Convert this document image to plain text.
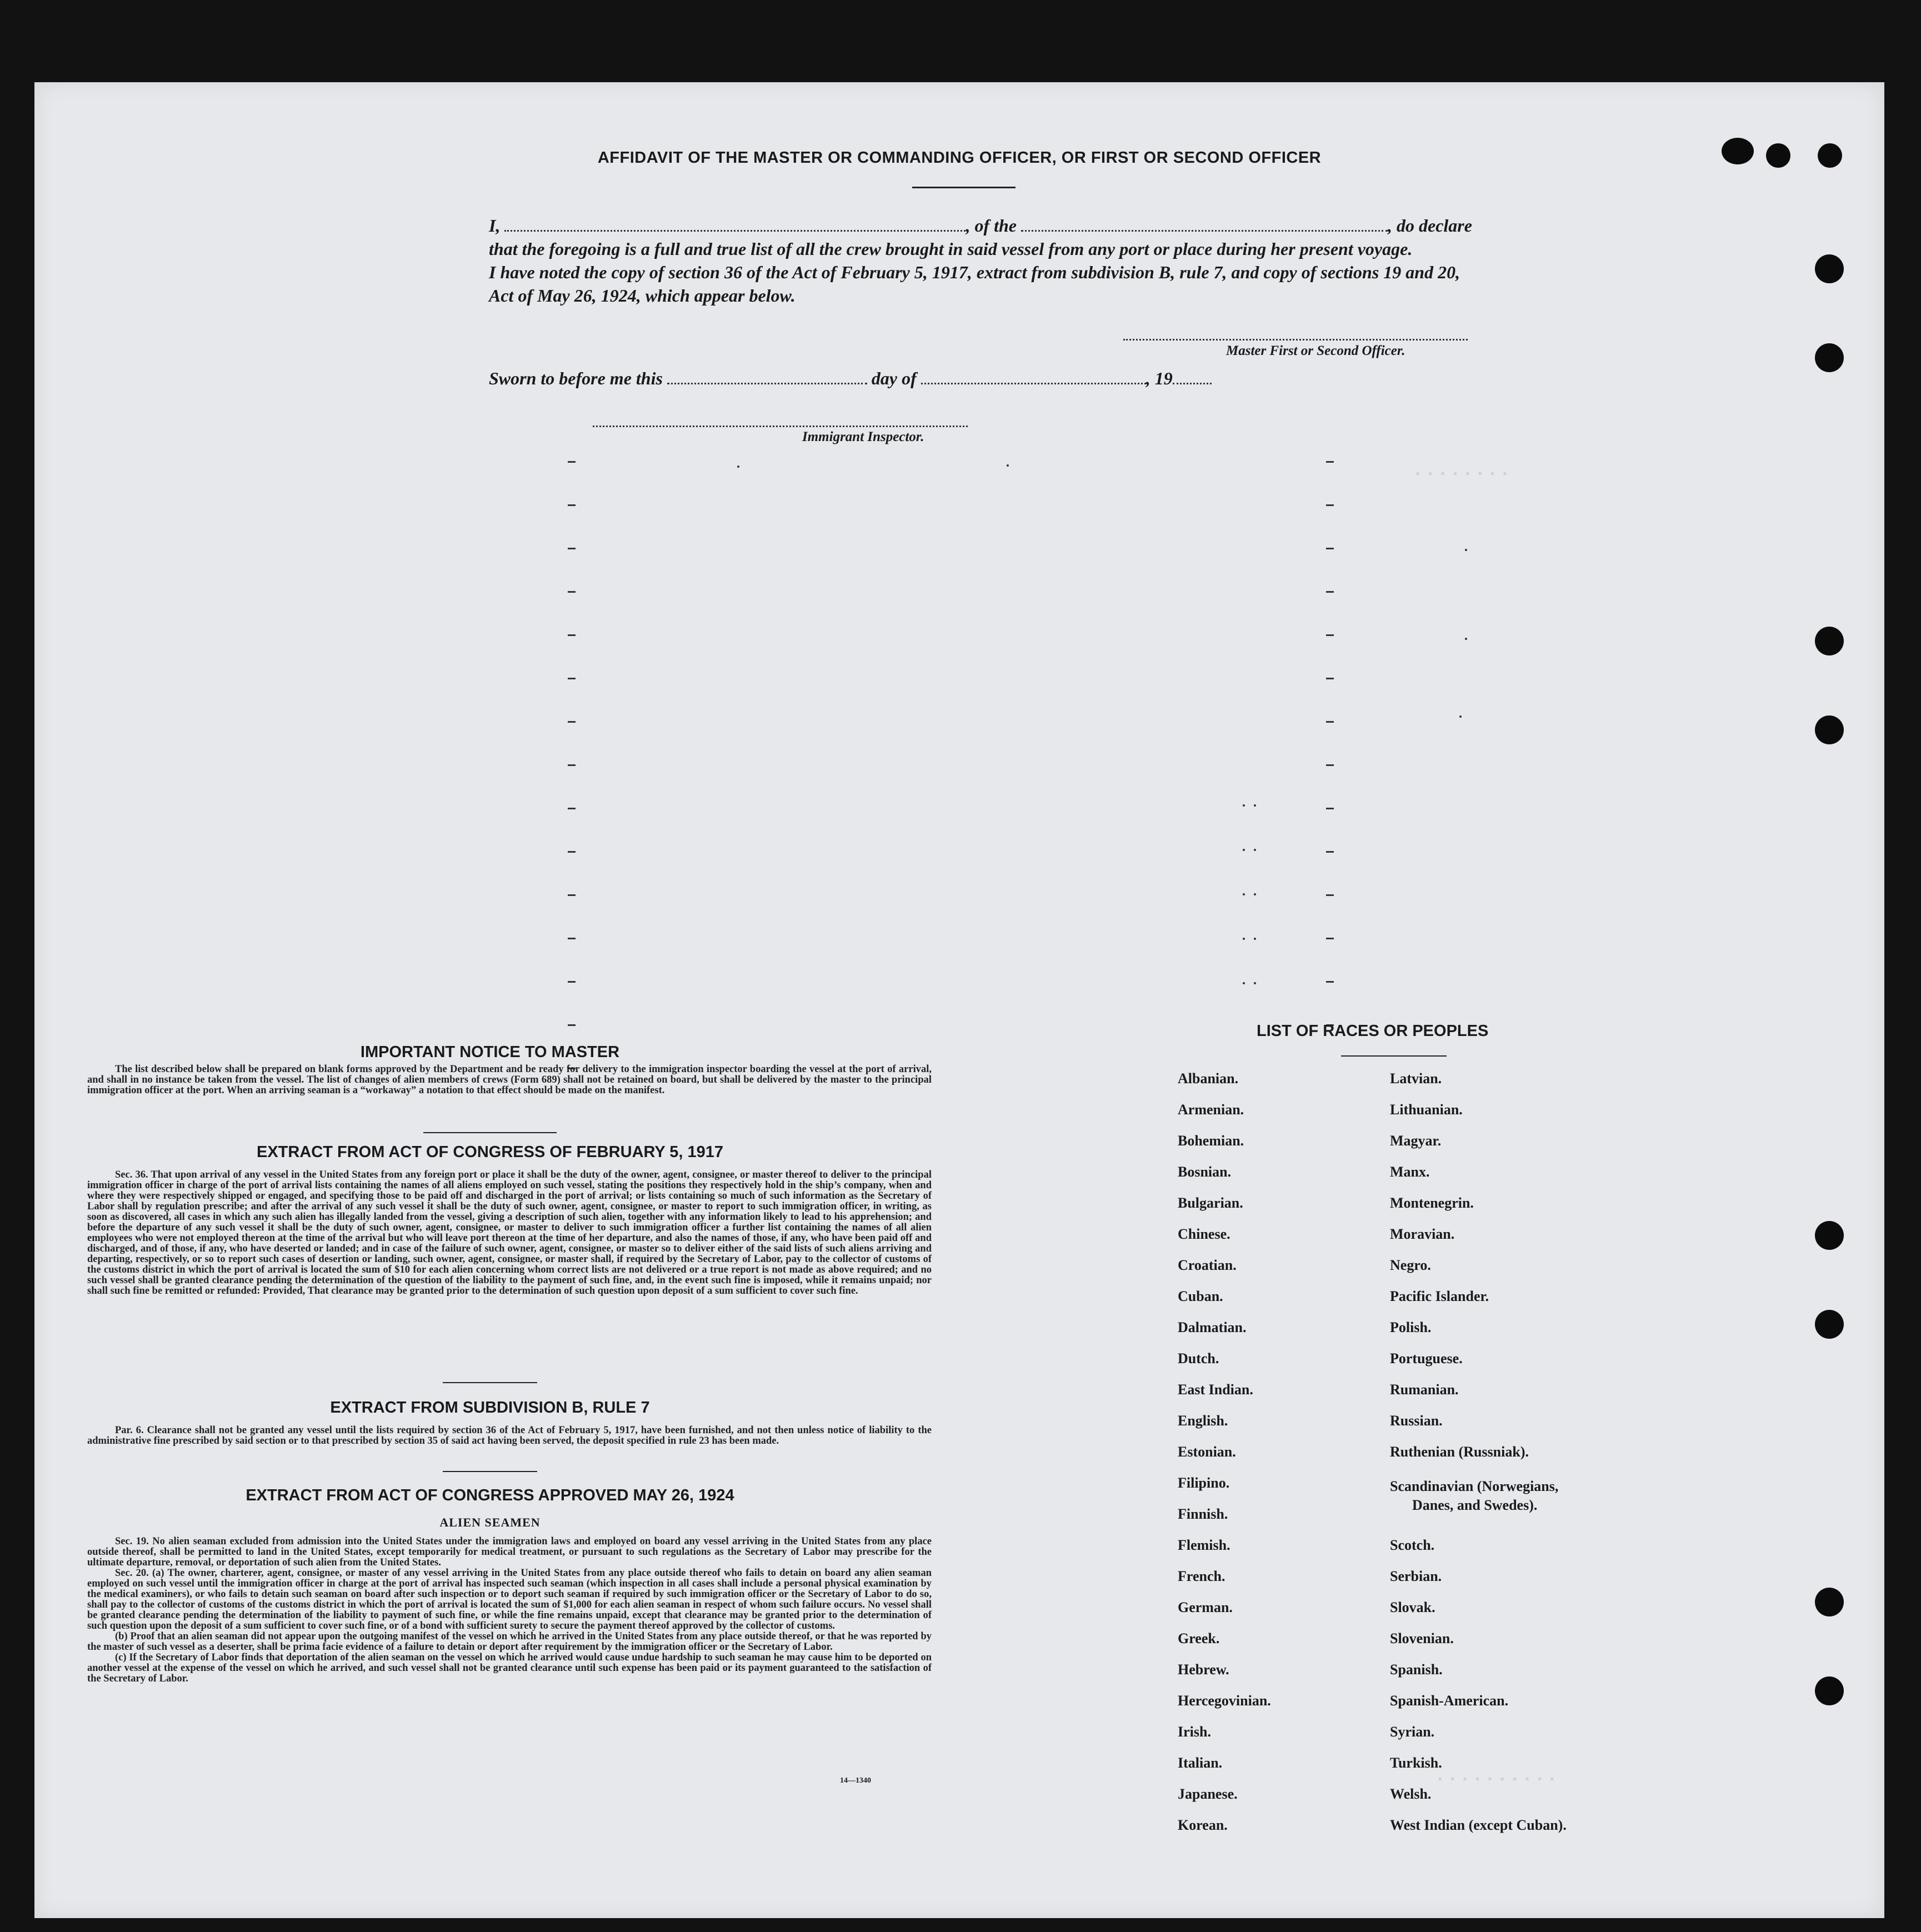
AFFIDAVIT OF THE MASTER OR COMMANDING OFFICER, OR FIRST OR SECOND OFFICER
I,	, of the	, do declare
that the foregoing is a full and true list of all the crew brought in said vessel from any port or place during her present voyage.
I have noted the copy of section 36 of the Act of February 5, 1917, extract from subdivision B, rule 7, and copy of sections 19 and 20,
Act of May 26, 1924, which appear below.
Master First or Second Officer.
Sworn to before me this	day of	, 19
Immigrant Inspector.
........
..........
IMPORTANT NOTICE TO MASTER

The list described below shall be prepared on blank forms approved by the Department and be ready for delivery to the immigration inspector boarding the vessel at the port of arrival, and shall in no instance be taken from the vessel. The list of changes of alien members of crews (Form 689) shall not be retained on board, but shall be delivered by the master to the principal immigration officer at the port. When an arriving seaman is a “workaway” a notation to that effect should be made on the manifest.

EXTRACT FROM ACT OF CONGRESS OF FEBRUARY 5, 1917

Sec. 36. That upon arrival of any vessel in the United States from any foreign port or place it shall be the duty of the owner, agent, consignee, or master thereof to deliver to the principal immigration officer in charge of the port of arrival lists containing the names of all aliens employed on such vessel, stating the positions they respectively hold in the ship’s company, when and where they were respectively shipped or engaged, and specifying those to be paid off and discharged in the port of arrival; or lists containing so much of such information as the Secretary of Labor shall by regulation prescribe; and after the arrival of any such vessel it shall be the duty of such owner, agent, consignee, or master to report to such immigration officer, in writing, as soon as discovered, all cases in which any such alien has illegally landed from the vessel, giving a description of such alien, together with any information likely to lead to his apprehension; and before the departure of any such vessel it shall be the duty of such owner, agent, consignee, or master to deliver to such immigration officer a further list containing the names of all alien employees who were not employed thereon at the time of the arrival but who will leave port thereon at the time of her departure, and also the names of those, if any, who have been paid off and discharged, and of those, if any, who have deserted or landed; and in case of the failure of such owner, agent, consignee, or master so to deliver either of the said lists of such aliens arriving and departing, respectively, or so to report such cases of desertion or landing, such owner, agent, consignee, or master shall, if required by the Secretary of Labor, pay to the collector of customs of the customs district in which the port of arrival is located the sum of $10 for each alien concerning whom correct lists are not delivered or a true report is not made as above required; and no such vessel shall be granted clearance pending the determination of the question of the liability to the payment of such fine, and, in the event such fine is imposed, while it remains unpaid; nor shall such fine be remitted or refunded: Provided, That clearance may be granted prior to the determination of such question upon deposit of a sum sufficient to cover such fine.

EXTRACT FROM SUBDIVISION B, RULE 7

Par. 6. Clearance shall not be granted any vessel until the lists required by section 36 of the Act of February 5, 1917, have been furnished, and not then unless notice of liability to the administrative fine prescribed by said section or to that prescribed by section 35 of said act having been served, the deposit specified in rule 23 has been made.

EXTRACT FROM ACT OF CONGRESS APPROVED MAY 26, 1924
ALIEN SEAMEN

Sec. 19. No alien seaman excluded from admission into the United States under the immigration laws and employed on board any vessel arriving in the United States from any place outside thereof, shall be permitted to land in the United States, except temporarily for medical treatment, or pursuant to such regulations as the Secretary of Labor may prescribe for the ultimate departure, removal, or deportation of such alien from the United States.

Sec. 20. (a) The owner, charterer, agent, consignee, or master of any vessel arriving in the United States from any place outside thereof who fails to detain on board any alien seaman employed on such vessel until the immigration officer in charge at the port of arrival has inspected such seaman (which inspection in all cases shall include a personal physical examination by the medical examiners), or who fails to detain such seaman on board after such inspection or to deport such seaman if required by such immigration officer or the Secretary of Labor to do so, shall pay to the collector of customs of the customs district in which the port of arrival is located the sum of $1,000 for each alien seaman in respect of whom such failure occurs. No vessel shall be granted clearance pending the determination of the liability to payment of such fine, or while the fine remains unpaid, except that clearance may be granted prior to the determination of such question upon the deposit of a sum sufficient to cover such fine, or of a bond with sufficient surety to secure the payment thereof approved by the collector of customs.

(b) Proof that an alien seaman did not appear upon the outgoing manifest of the vessel on which he arrived in the United States from any place outside thereof, or that he was reported by the master of such vessel as a deserter, shall be prima facie evidence of a failure to detain or deport after requirement by the immigration officer or the Secretary of Labor.

(c) If the Secretary of Labor finds that deportation of the alien seaman on the vessel on which he arrived would cause undue hardship to such seaman he may cause him to be deported on another vessel at the expense of the vessel on which he arrived, and such vessel shall not be granted clearance until such expense has been paid or its payment guaranteed to the satisfaction of the Secretary of Labor.

14—1340
LIST OF RACES OR PEOPLES
Albanian.
Armenian.
Bohemian.
Bosnian.
Bulgarian.
Chinese.
Croatian.
Cuban.
Dalmatian.
Dutch.
East Indian.
English.
Estonian.
Filipino.
Finnish.
Flemish.
French.
German.
Greek.
Hebrew.
Hercegovinian.
Irish.
Italian.
Japanese.
Korean.
Latvian.
Lithuanian.
Magyar.
Manx.
Montenegrin.
Moravian.
Negro.
Pacific Islander.
Polish.
Portuguese.
Rumanian.
Russian.
Ruthenian (Russniak).
Scandinavian (Norwegians,
Danes, and Swedes).
Scotch.
Serbian.
Slovak.
Slovenian.
Spanish.
Spanish-American.
Syrian.
Turkish.
Welsh.
West Indian (except Cuban).
